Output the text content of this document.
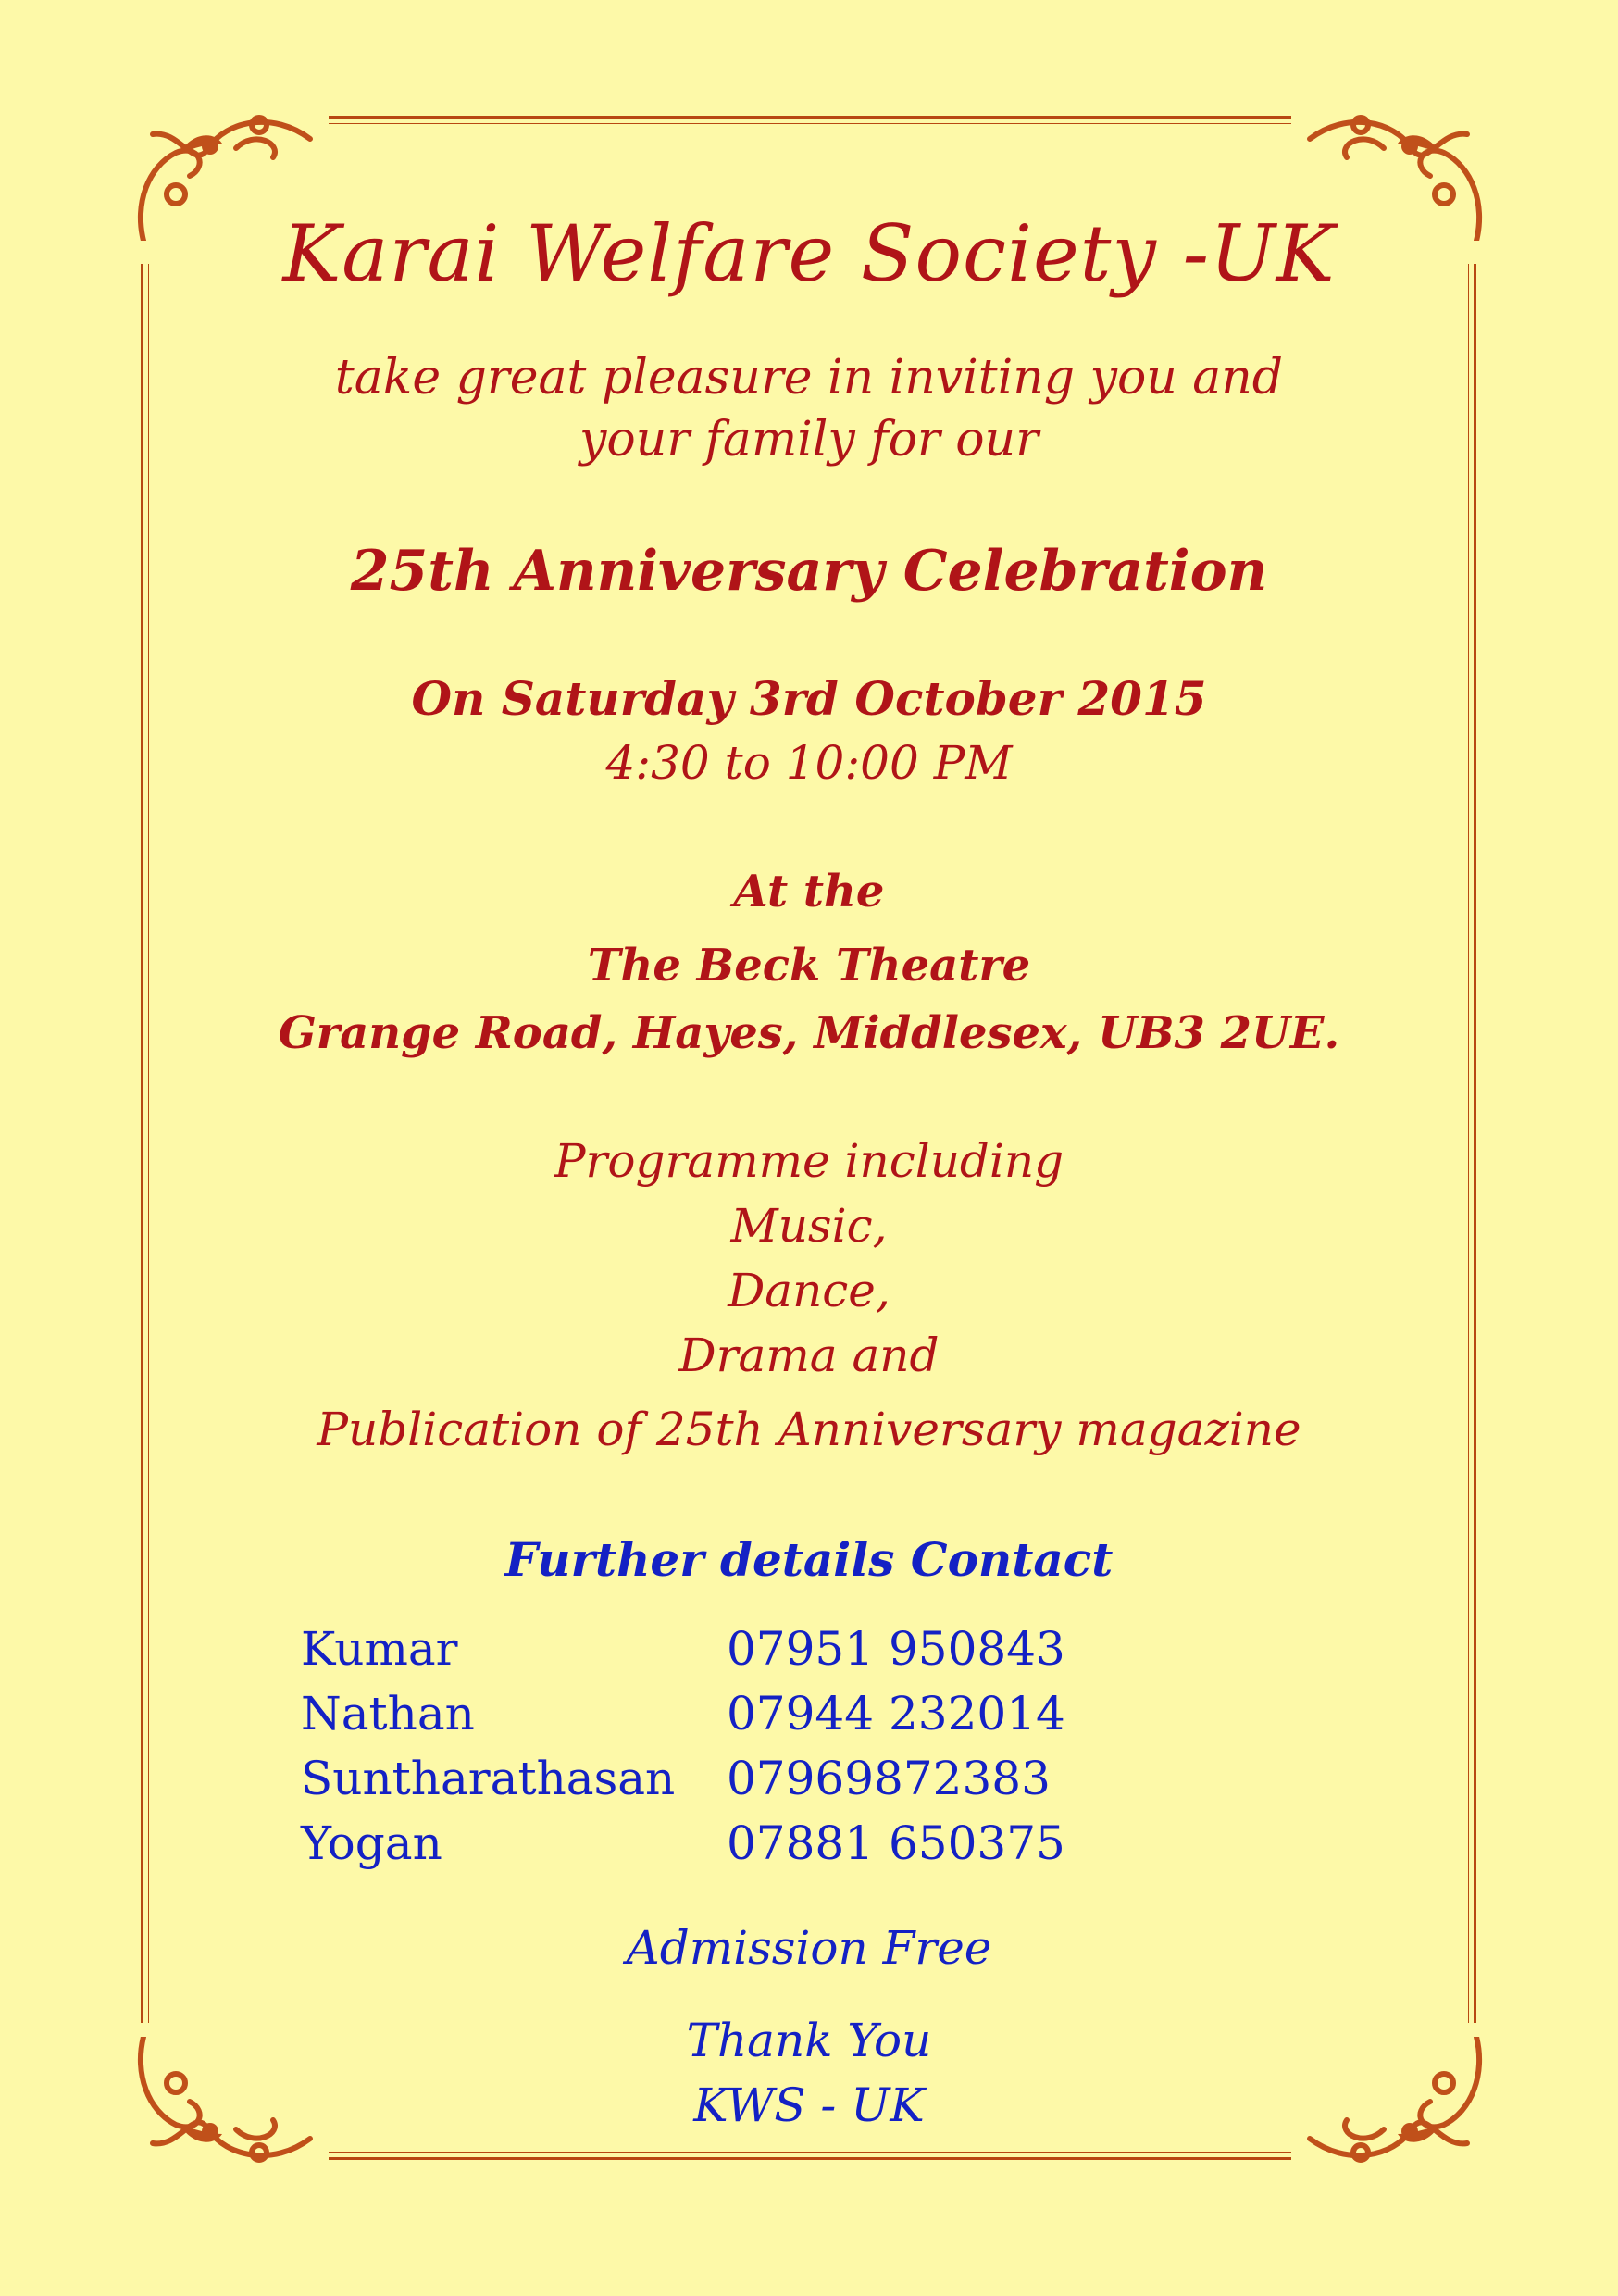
Karai Welfare Society -UK
take great pleasure in inviting you and
your family for our
25th Anniversary Celebration
On Saturday 3rd October 2015
4:30 to 10:00 PM
At the
The Beck Theatre
Grange Road, Hayes, Middlesex, UB3 2UE.
Programme including
Music,
Dance,
Drama and
Publication of 25th Anniversary magazine
Further details Contact
Admission Free
Thank You
KWS - UK
Kumar	07951 950843
Nathan	07944 232014
Suntharathasan 07969872383
Yogan	07881 650375
